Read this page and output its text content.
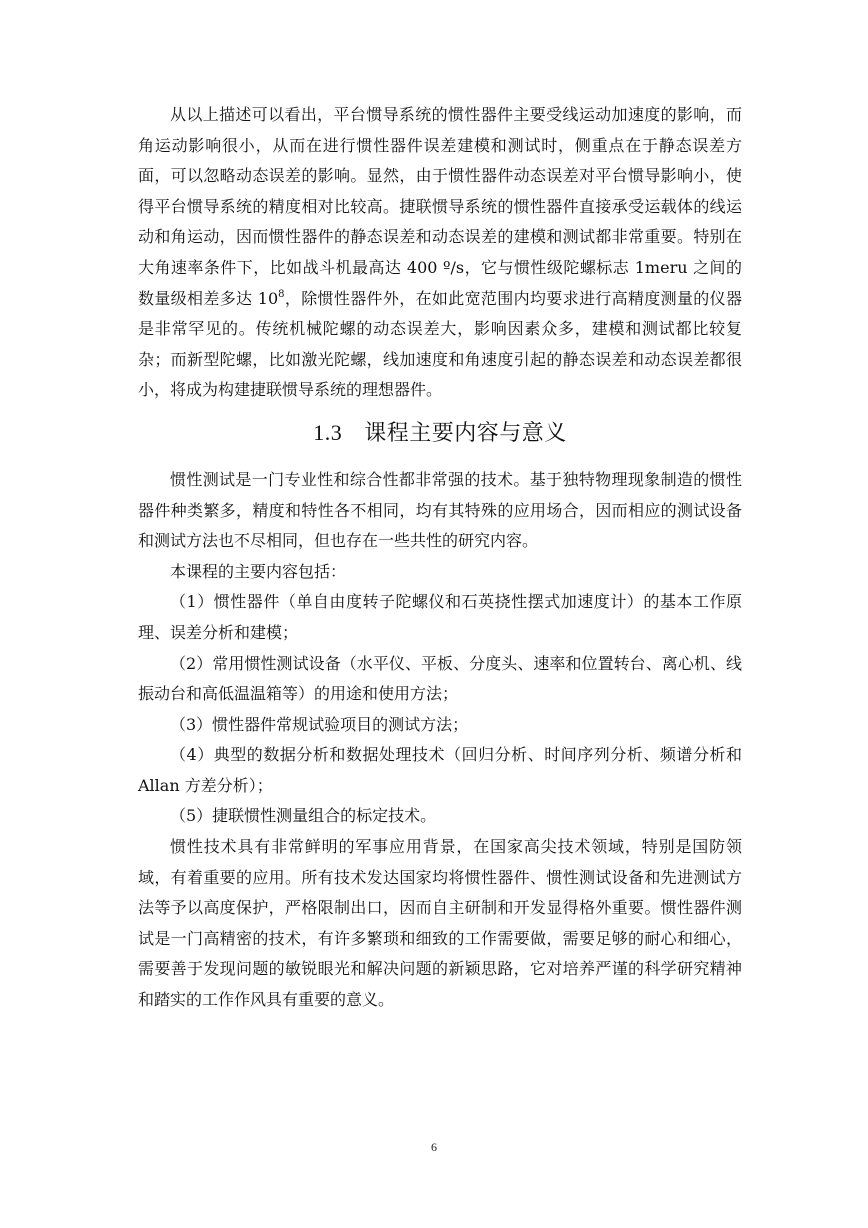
从以上描述可以看出，平台惯导系统的惯性器件主要受线运动加速度的影响，而角运动影响很小，从而在进行惯性器件误差建模和测试时，侧重点在于静态误差方面，可以忽略动态误差的影响。显然，由于惯性器件动态误差对平台惯导影响小，使得平台惯导系统的精度相对比较高。捷联惯导系统的惯性器件直接承受运载体的线运动和角运动，因而惯性器件的静态误差和动态误差的建模和测试都非常重要。特别在大角速率条件下，比如战斗机最高达 400 º/s，它与惯性级陀螺标志 1meru 之间的数量级相差多达 $10^8$，除惯性器件外，在如此宽范围内均要求进行高精度测量的仪器是非常罕见的。传统机械陀螺的动态误差大，影响因素众多，建模和测试都比较复杂；而新型陀螺，比如激光陀螺，线加速度和角速度引起的静态误差和动态误差都很小，将成为构建捷联惯导系统的理想器件。

1.3 课程主要内容与意义

惯性测试是一门专业性和综合性都非常强的技术。基于独特物理现象制造的惯性器件种类繁多，精度和特性各不相同，均有其特殊的应用场合，因而相应的测试设备和测试方法也不尽相同，但也存在一些共性的研究内容。

本课程的主要内容包括：

（1）惯性器件（单自由度转子陀螺仪和石英挠性摆式加速度计）的基本工作原理、误差分析和建模；

（2）常用惯性测试设备（水平仪、平板、分度头、速率和位置转台、离心机、线振动台和高低温温箱等）的用途和使用方法；

（3）惯性器件常规试验项目的测试方法；

（4）典型的数据分析和数据处理技术（回归分析、时间序列分析、频谱分析和 Allan 方差分析）；

（5）捷联惯性测量组合的标定技术。

惯性技术具有非常鲜明的军事应用背景，在国家高尖技术领域，特别是国防领域，有着重要的应用。所有技术发达国家均将惯性器件、惯性测试设备和先进测试方法等予以高度保护，严格限制出口，因而自主研制和开发显得格外重要。惯性器件测试是一门高精密的技术，有许多繁琐和细致的工作需要做，需要足够的耐心和细心，需要善于发现问题的敏锐眼光和解决问题的新颖思路，它对培养严谨的科学研究精神和踏实的工作作风具有重要的意义。

6
